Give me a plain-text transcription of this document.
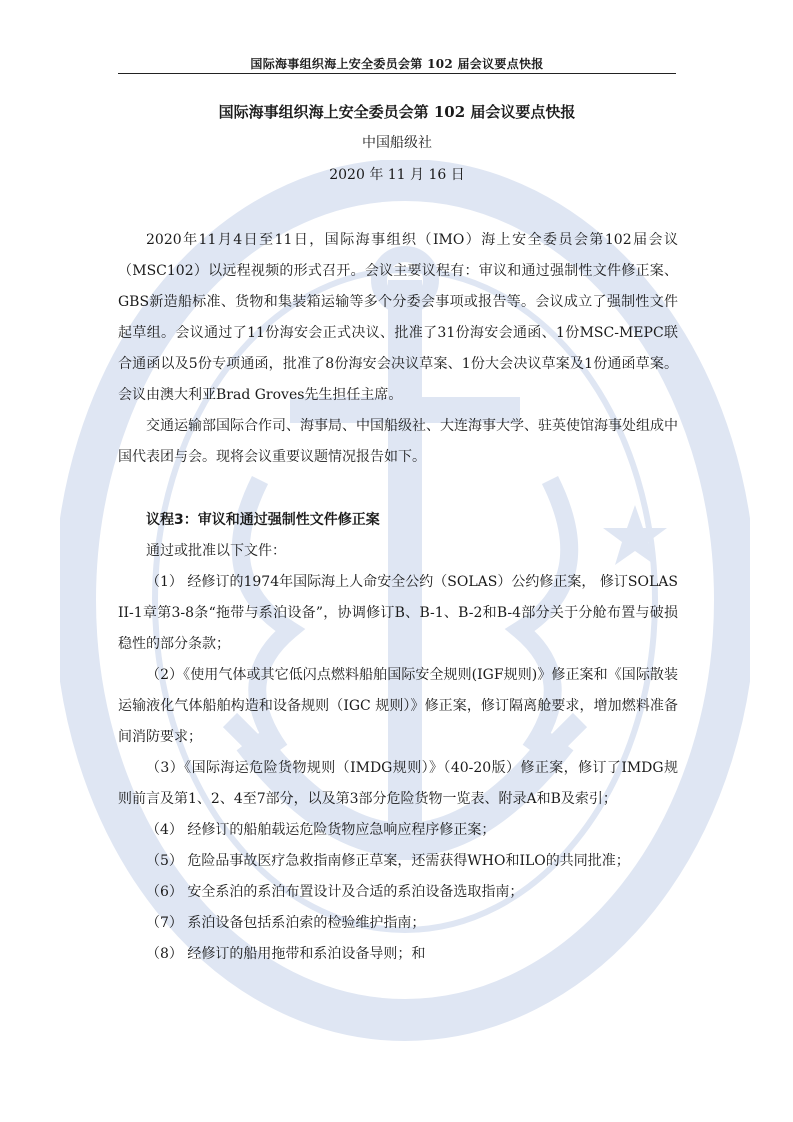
国际海事组织海上安全委员会第 102 届会议要点快报
国际海事组织海上安全委员会第 102 届会议要点快报
中国船级社
2020 年 11 月 16 日

2020年11月4日至11日，国际海事组织（IMO）海上安全委员会第102届会议（MSC102）以远程视频的形式召开。会议主要议程有：审议和通过强制性文件修正案、GBS新造船标准、货物和集装箱运输等多个分委会事项或报告等。会议成立了强制性文件起草组。会议通过了11份海安会正式决议、批准了31份海安会通函、1份MSC-MEPC联合通函以及5份专项通函，批准了8份海安会决议草案、1份大会决议草案及1份通函草案。会议由澳大利亚Brad Groves先生担任主席。

交通运输部国际合作司、海事局、中国船级社、大连海事大学、驻英使馆海事处组成中国代表团与会。现将会议重要议题情况报告如下。

议程3：审议和通过强制性文件修正案

通过或批准以下文件：

（1） 经修订的1974年国际海上人命安全公约（SOLAS）公约修正案， 修订SOLAS II-1章第3-8条“拖带与系泊设备”，协调修订B、B-1、B-2和B-4部分关于分舱布置与破损稳性的部分条款；

（2）《使用气体或其它低闪点燃料船舶国际安全规则(IGF规则)》修正案和《国际散装运输液化气体船舶构造和设备规则（IGC 规则）》修正案，修订隔离舱要求，增加燃料准备间消防要求；

（3）《国际海运危险货物规则（IMDG规则）》（40-20版）修正案，修订了IMDG规则前言及第1、2、4至7部分，以及第3部分危险货物一览表、附录A和B及索引；

（4） 经修订的船舶载运危险货物应急响应程序修正案；

（5） 危险品事故医疗急救指南修正草案，还需获得WHO和ILO的共同批准；

（6） 安全系泊的系泊布置设计及合适的系泊设备选取指南；

（7） 系泊设备包括系泊索的检验维护指南；

（8） 经修订的船用拖带和系泊设备导则；和
